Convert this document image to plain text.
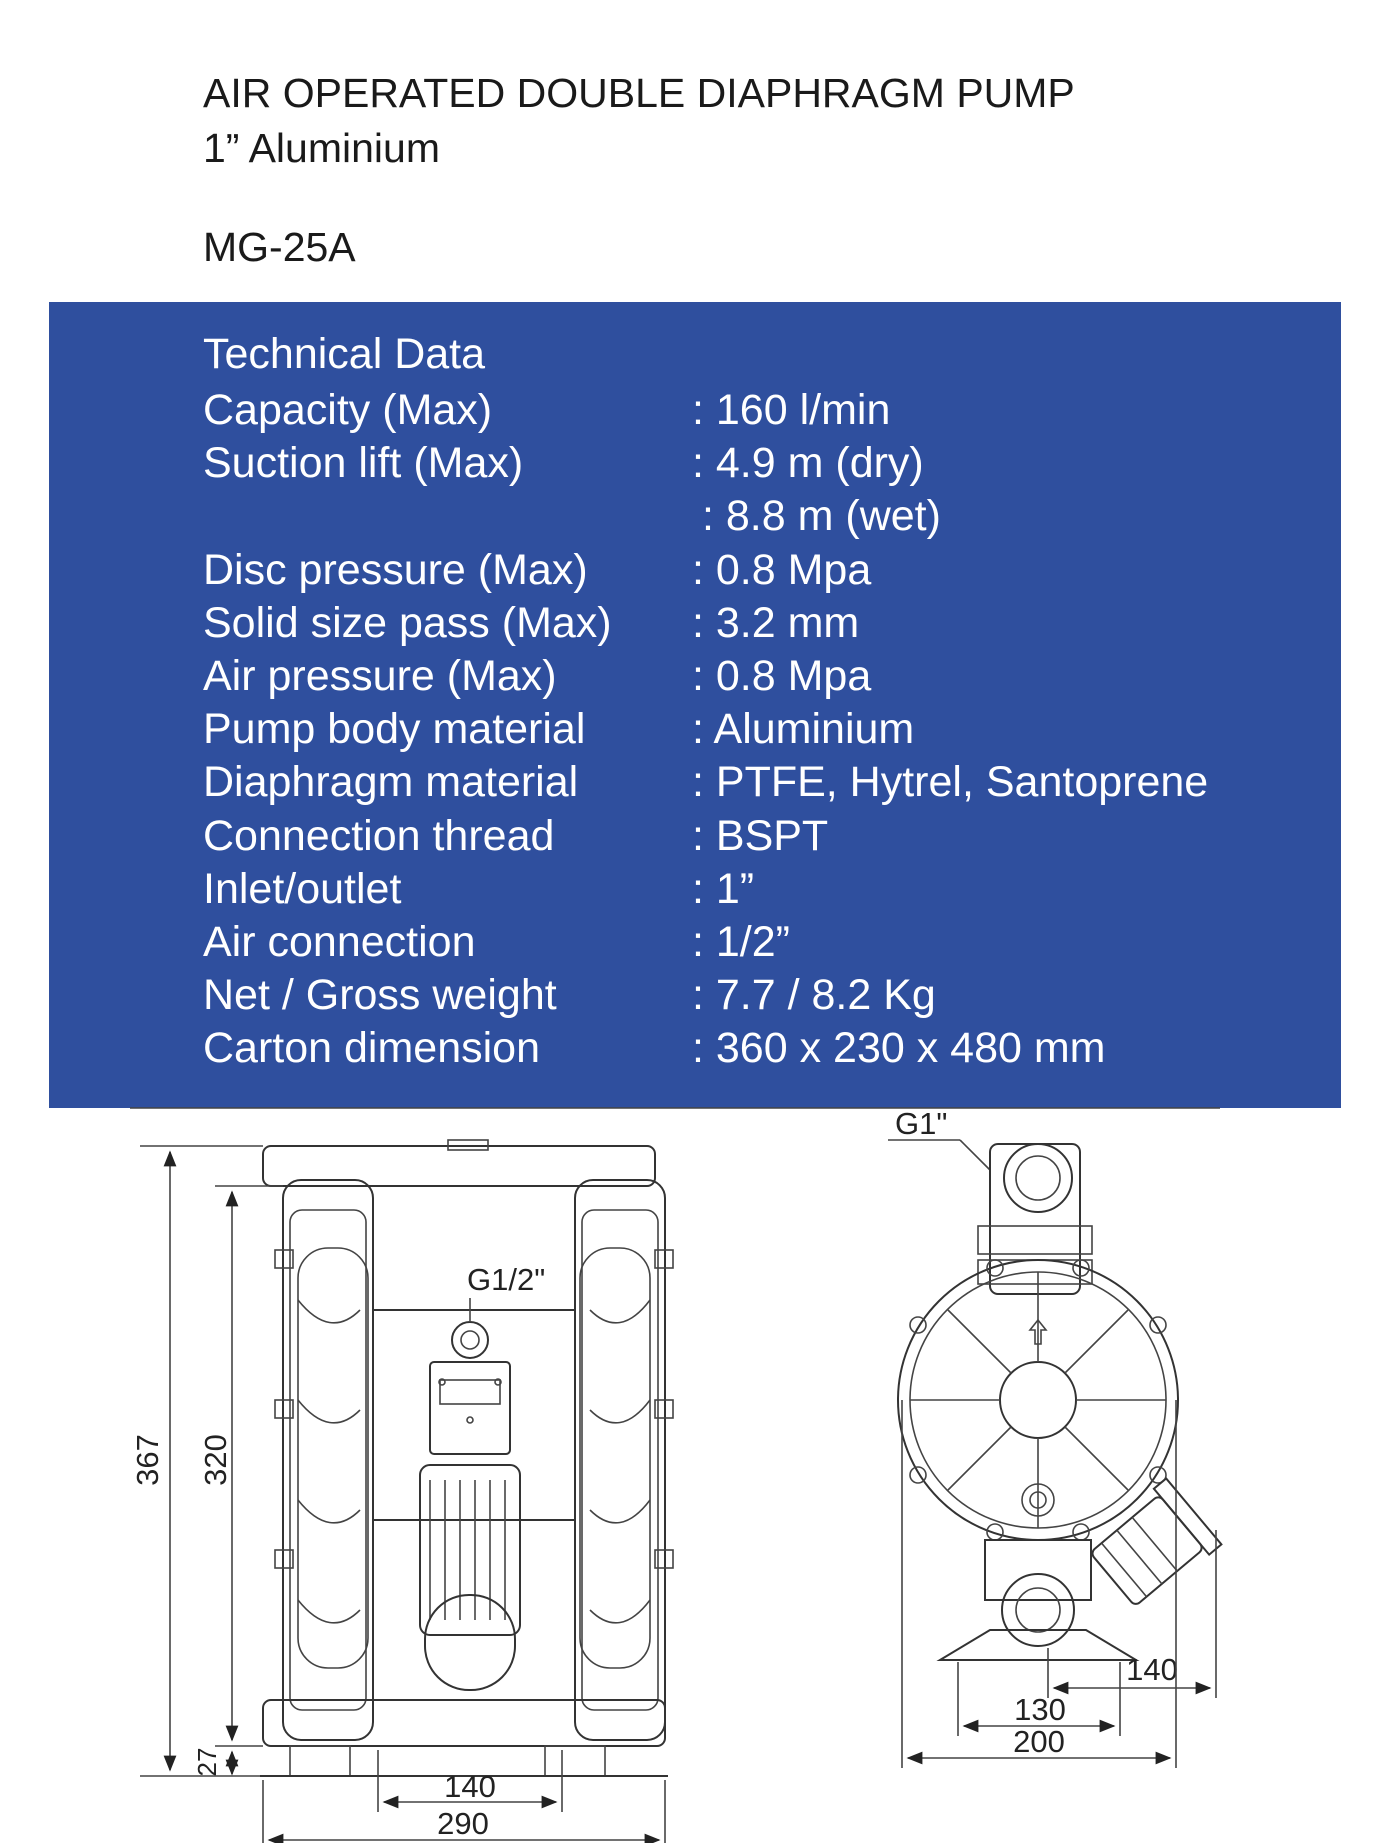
AIR OPERATED DOUBLE DIAPHRAGM PUMP
1” Aluminium
MG-25A
Technical Data
Capacity (Max)	: 160 l/min
Suction lift (Max)	: 4.9 m (dry)
: 8.8 m (wet)
Disc pressure (Max) : 0.8 Mpa
Solid size pass (Max) : 3.2 mm
Air pressure (Max)	: 0.8 Mpa
Pump body material : Aluminium
Diaphragm material	: PTFE, Hytrel, Santoprene
Connection thread	: BSPT
Inlet/outlet	: 1”
Air connection	: 1/2”
Net / Gross weight	: 7.7 / 8.2 Kg
Carton dimension	: 360 x 230 x 480 mm
G1/2"
367 320
27
140
290
G1"
140
130
200
